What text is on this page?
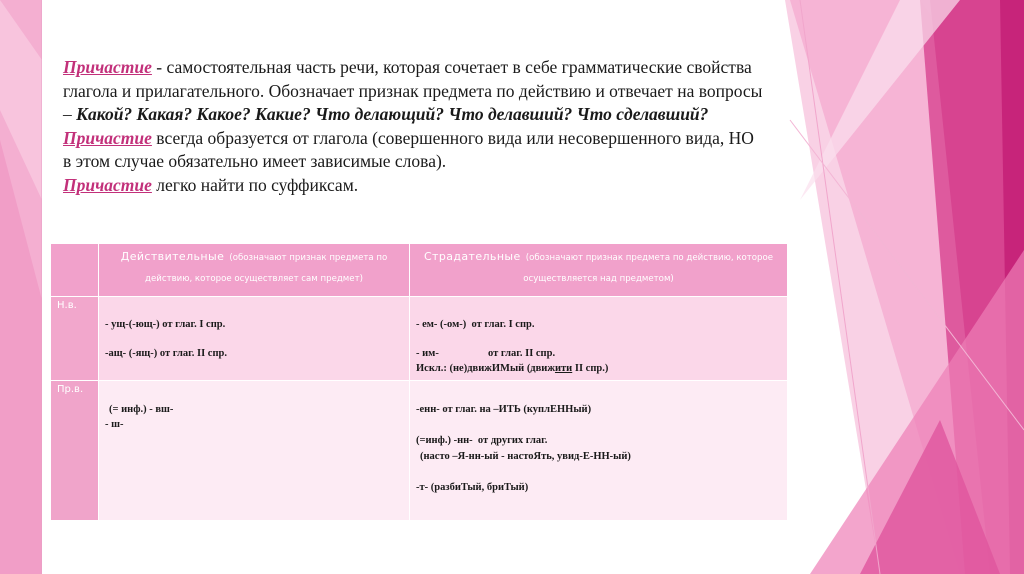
Причастие - самостоятельная часть речи, которая сочетает в себе грамматические свойства глагола и прилагательного. Обозначает признак предмета по действию и отвечает на вопросы – Какой? Какая? Какое? Какие? Что делающий? Что делавший? Что сделавший?

Причастие всегда образуется от глагола (совершенного вида или несовершенного вида, НО в этом случае обязательно имеет зависимые слова).

Причастие легко найти по суффиксам.

	Действительные (обозначают признак предмета по действию, которое осуществляет сам предмет)	Страдательные (обозначают признак предмета по действию, которое осуществляется над предметом)

Н.в.	- ущ-(-ющ-) от глаг. I спр.
-ащ- (-ящ-) от глаг. II спр.	- ем- (-ом-)  от глаг. I спр.
- им- от глаг. II спр.
Искл.: (не)движИМый (движити II спр.)

Пр.в.	(= инф.) - вш-
- ш-	-енн- от глаг. на –ИТЬ (куплЕННый)
(=инф.) -нн-  от других глаг.
(насто –Я-нн-ый - настоЯть, увид-Е-НН-ый)
-т- (разбиТый, бриТый)
